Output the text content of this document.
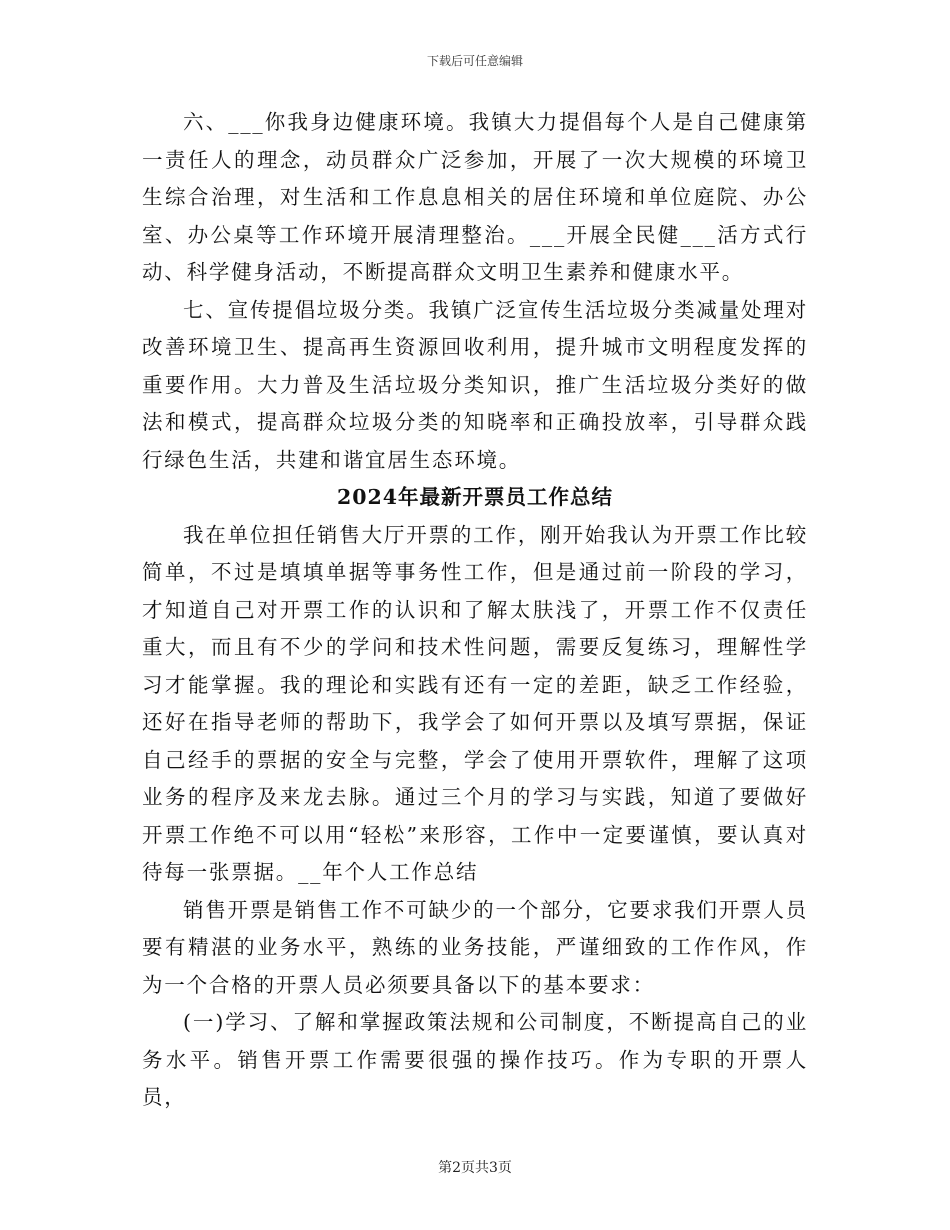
下载后可任意编辑

六、___你我身边健康环境。我镇大力提倡每个人是自己健康第一责任人的理念，动员群众广泛参加，开展了一次大规模的环境卫生综合治理，对生活和工作息息相关的居住环境和单位庭院、办公室、办公桌等工作环境开展清理整治。___开展全民健___活方式行动、科学健身活动，不断提高群众文明卫生素养和健康水平。

七、宣传提倡垃圾分类。我镇广泛宣传生活垃圾分类减量处理对改善环境卫生、提高再生资源回收利用，提升城市文明程度发挥的重要作用。大力普及生活垃圾分类知识，推广生活垃圾分类好的做法和模式，提高群众垃圾分类的知晓率和正确投放率，引导群众践行绿色生活，共建和谐宜居生态环境。

2024年最新开票员工作总结

我在单位担任销售大厅开票的工作，刚开始我认为开票工作比较简单，不过是填填单据等事务性工作，但是通过前一阶段的学习，才知道自己对开票工作的认识和了解太肤浅了，开票工作不仅责任重大，而且有不少的学问和技术性问题，需要反复练习，理解性学习才能掌握。我的理论和实践有还有一定的差距，缺乏工作经验，还好在指导老师的帮助下，我学会了如何开票以及填写票据，保证自己经手的票据的安全与完整，学会了使用开票软件，理解了这项业务的程序及来龙去脉。通过三个月的学习与实践，知道了要做好开票工作绝不可以用“轻松”来形容，工作中一定要谨慎，要认真对待每一张票据。__年个人工作总结

销售开票是销售工作不可缺少的一个部分，它要求我们开票人员要有精湛的业务水平，熟练的业务技能，严谨细致的工作作风，作为一个合格的开票人员必须要具备以下的基本要求：

(一)学习、了解和掌握政策法规和公司制度，不断提高自己的业务水平。销售开票工作需要很强的操作技巧。作为专职的开票人员，

第2页共3页
